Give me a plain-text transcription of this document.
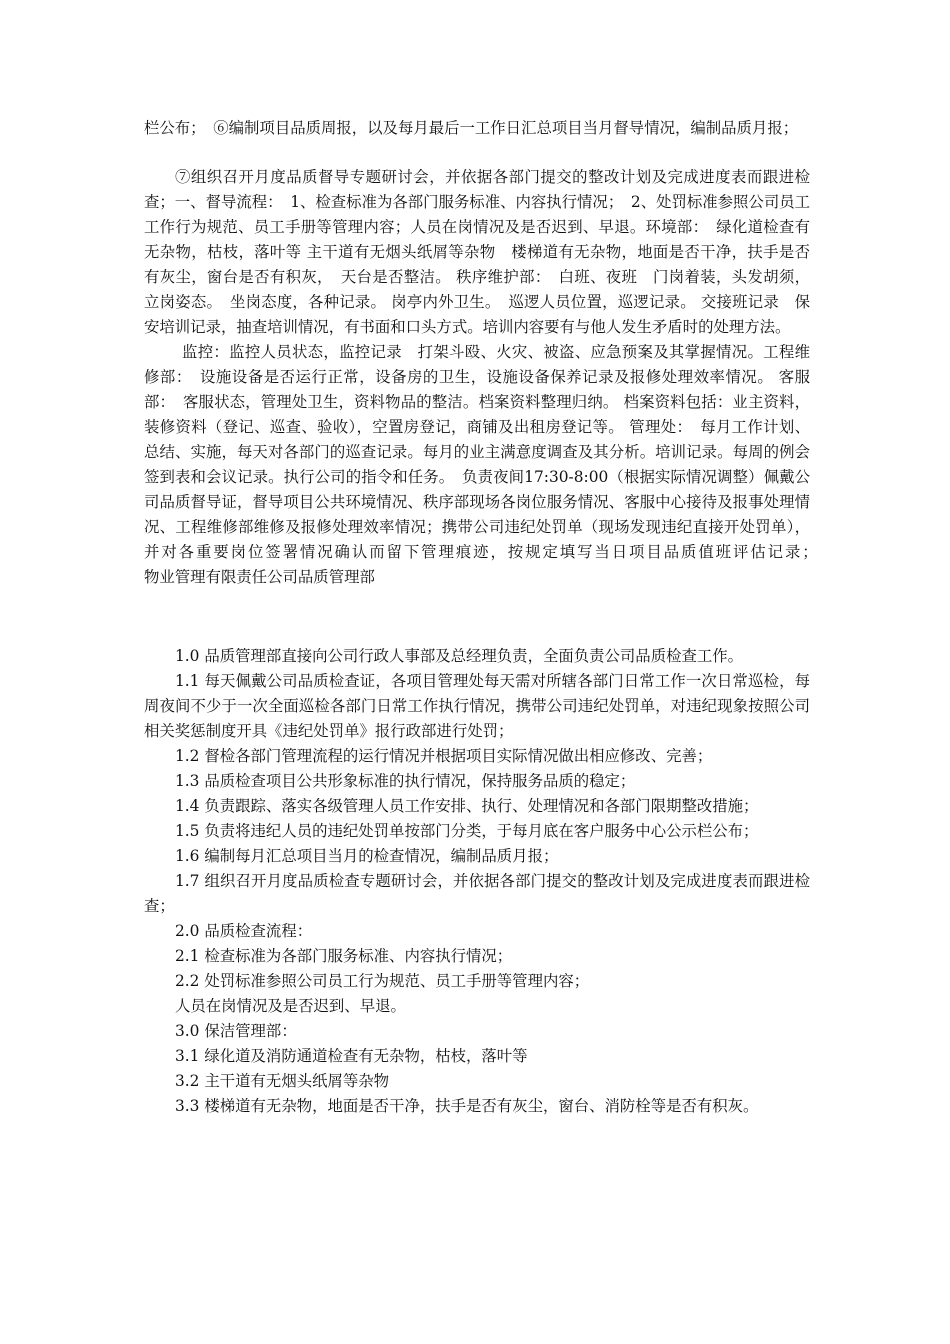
栏公布；　⑥编制项目品质周报，以及每月最后一工作日汇总项目当月督导情况，编制品质月报；

⑦组织召开月度品质督导专题研讨会，并依据各部门提交的整改计划及完成进度表而跟进检查；一、督导流程：　1、检查标准为各部门服务标准、内容执行情况；　2、处罚标准参照公司员工工作行为规范、员工手册等管理内容；人员在岗情况及是否迟到、早退。环境部：　绿化道检查有无杂物，枯枝，落叶等 主干道有无烟头纸屑等杂物　楼梯道有无杂物，地面是否干净，扶手是否有灰尘，窗台是否有积灰，　天台是否整洁。 秩序维护部：　白班、夜班　门岗着装，头发胡须，立岗姿态。　坐岗态度，各种记录。 岗亭内外卫生。　巡逻人员位置，巡逻记录。 交接班记录　保安培训记录，抽查培训情况，有书面和口头方式。培训内容要有与他人发生矛盾时的处理方法。

监控：监控人员状态，监控记录　打架斗殴、火灾、被盗、应急预案及其掌握情况。工程维修部：　设施设备是否运行正常，设备房的卫生，设施设备保养记录及报修处理效率情况。 客服部：　客服状态，管理处卫生，资料物品的整洁。档案资料整理归纳。 档案资料包括：业主资料，装修资料（登记、巡查、验收），空置房登记，商铺及出租房登记等。 管理处：　每月工作计划、总结、实施，每天对各部门的巡查记录。每月的业主满意度调查及其分析。培训记录。每周的例会签到表和会议记录。执行公司的指令和任务。　负责夜间17:30-8:00（根据实际情况调整）佩戴公司品质督导证，督导项目公共环境情况、秩序部现场各岗位服务情况、客服中心接待及报事处理情况、工程维修部维修及报修处理效率情况；携带公司违纪处罚单（现场发现违纪直接开处罚单），并对各重要岗位签署情况确认而留下管理痕迹，按规定填写当日项目品质值班评估记录；　　　　　　　　　物业管理有限责任公司品质管理部

1.0 品质管理部直接向公司行政人事部及总经理负责，全面负责公司品质检查工作。

1.1 每天佩戴公司品质检查证，各项目管理处每天需对所辖各部门日常工作一次日常巡检，每周夜间不少于一次全面巡检各部门日常工作执行情况，携带公司违纪处罚单，对违纪现象按照公司相关奖惩制度开具《违纪处罚单》报行政部进行处罚；

1.2 督检各部门管理流程的运行情况并根据项目实际情况做出相应修改、完善；

1.3 品质检查项目公共形象标准的执行情况，保持服务品质的稳定；

1.4 负责跟踪、落实各级管理人员工作安排、执行、处理情况和各部门限期整改措施；

1.5 负责将违纪人员的违纪处罚单按部门分类，于每月底在客户服务中心公示栏公布；

1.6 编制每月汇总项目当月的检查情况，编制品质月报；

1.7 组织召开月度品质检查专题研讨会，并依据各部门提交的整改计划及完成进度表而跟进检查；

2.0 品质检查流程：

2.1 检查标准为各部门服务标准、内容执行情况；

2.2 处罚标准参照公司员工行为规范、员工手册等管理内容；

人员在岗情况及是否迟到、早退。

3.0 保洁管理部：

3.1 绿化道及消防通道检查有无杂物，枯枝，落叶等

3.2 主干道有无烟头纸屑等杂物

3.3 楼梯道有无杂物，地面是否干净，扶手是否有灰尘，窗台、消防栓等是否有积灰。
